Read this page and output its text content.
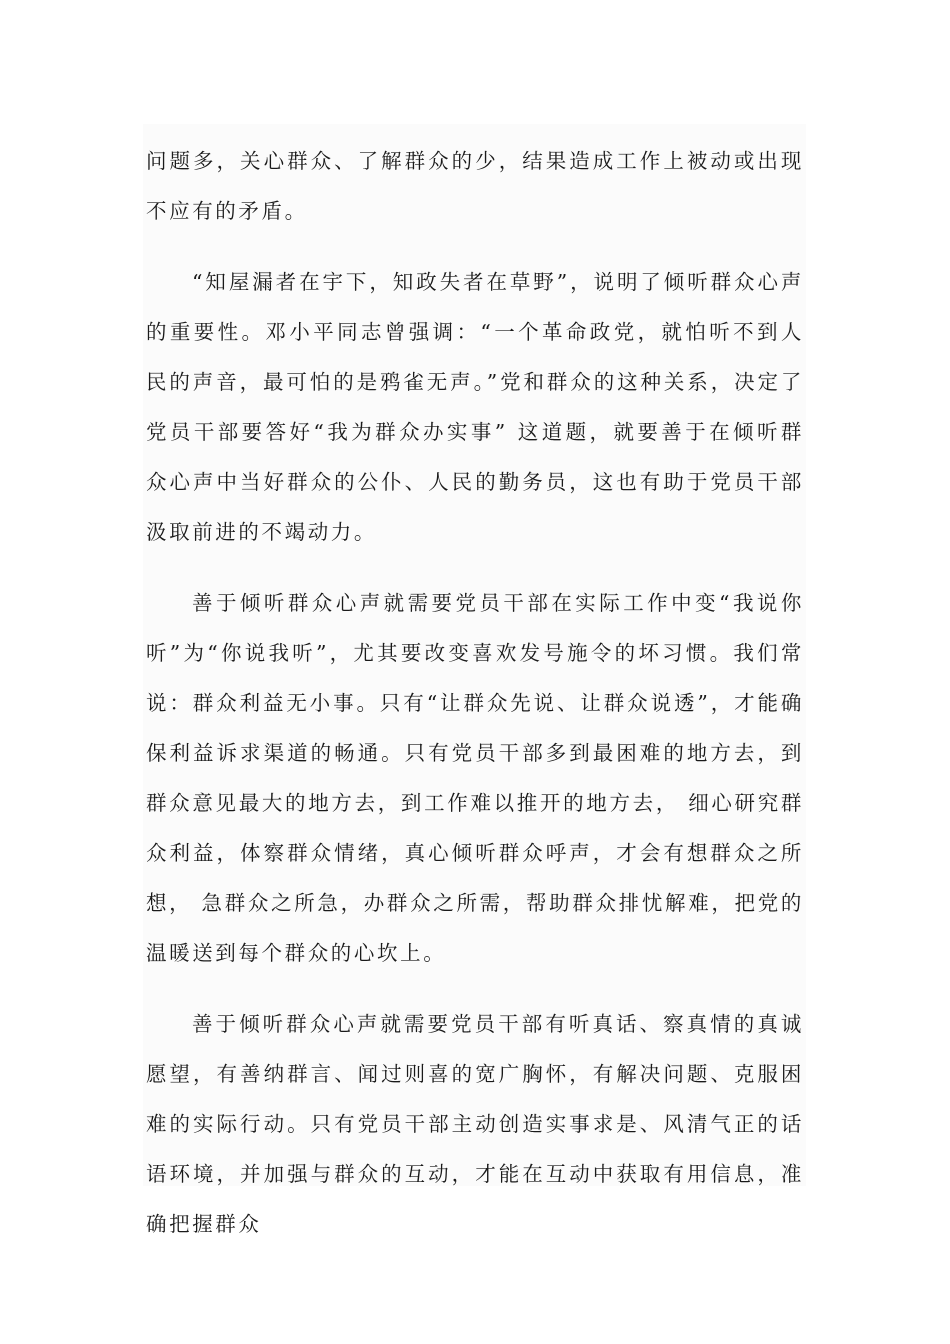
问题多，关心群众、了解群众的少，结果造成工作上被动或出现不应有的矛盾。

“知屋漏者在宇下，知政失者在草野”，说明了倾听群众心声的重要性。邓小平同志曾强调：“一个革命政党，就怕听不到人民的声音，最可怕的是鸦雀无声。”党和群众的这种关系，决定了党员干部要答好“我为群众办实事” 这道题，就要善于在倾听群众心声中当好群众的公仆、人民的勤务员，这也有助于党员干部汲取前进的不竭动力。

善于倾听群众心声就需要党员干部在实际工作中变“我说你听”为“你说我听”，尤其要改变喜欢发号施令的坏习惯。我们常说：群众利益无小事。只有“让群众先说、让群众说透”，才能确保利益诉求渠道的畅通。只有党员干部多到最困难的地方去，到群众意见最大的地方去，到工作难以推开的地方去， 细心研究群众利益，体察群众情绪，真心倾听群众呼声，才会有想群众之所想， 急群众之所急，办群众之所需，帮助群众排忧解难，把党的温暖送到每个群众的心坎上。

善于倾听群众心声就需要党员干部有听真话、察真情的真诚愿望，有善纳群言、闻过则喜的宽广胸怀，有解决问题、克服困难的实际行动。只有党员干部主动创造实事求是、风清气正的话语环境，并加强与群众的互动，才能在互动中获取有用信息，准确把握群众
